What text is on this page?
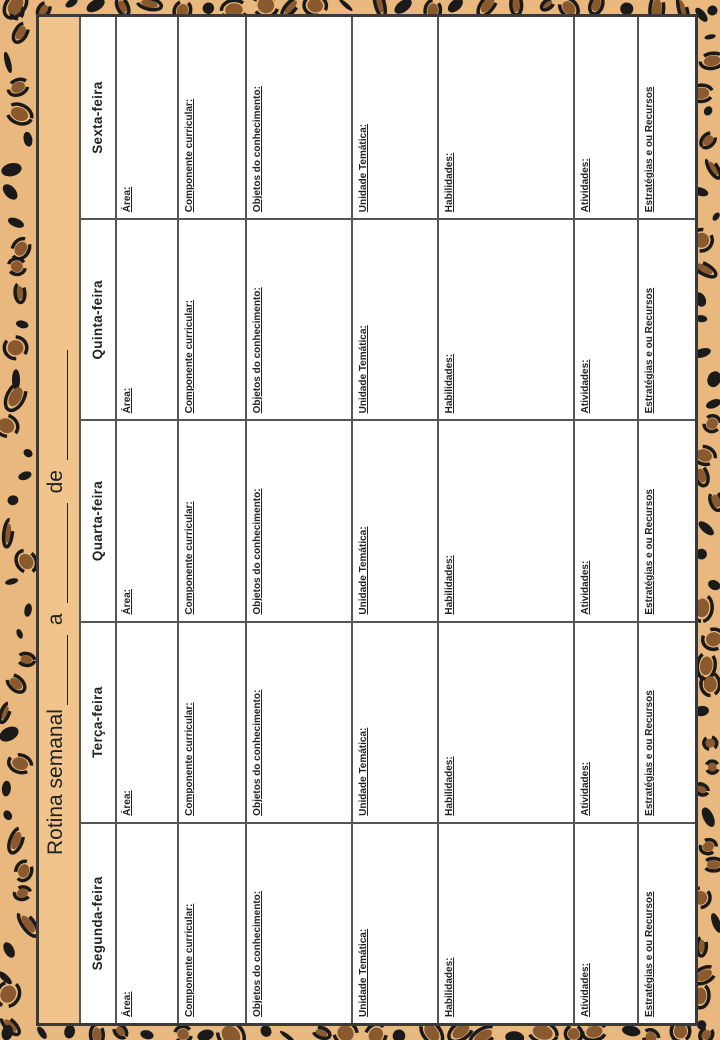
Rotina semanal
a
de
Segunda-feira
Terça-feira
Quarta-feira
Quinta-feira
Sexta-feira
Área:
Área:
Área:
Área:
Área:
Componente curricular:
Componente curricular:
Componente curricular:
Componente curricular:
Componente curricular:
Objetos do conhecimento:
Objetos do conhecimento:
Objetos do conhecimento:
Objetos do conhecimento:
Objetos do conhecimento:
Unidade Temática:
Unidade Temática:
Unidade Temática:
Unidade Temática:
Unidade Temática:
Habilidades:
Habilidades:
Habilidades:
Habilidades:
Habilidades:
Atividades:
Atividades:
Atividades:
Atividades:
Atividades:
Estratégias e ou Recursos
Estratégias e ou Recursos
Estratégias e ou Recursos
Estratégias e ou Recursos
Estratégias e ou Recursos
